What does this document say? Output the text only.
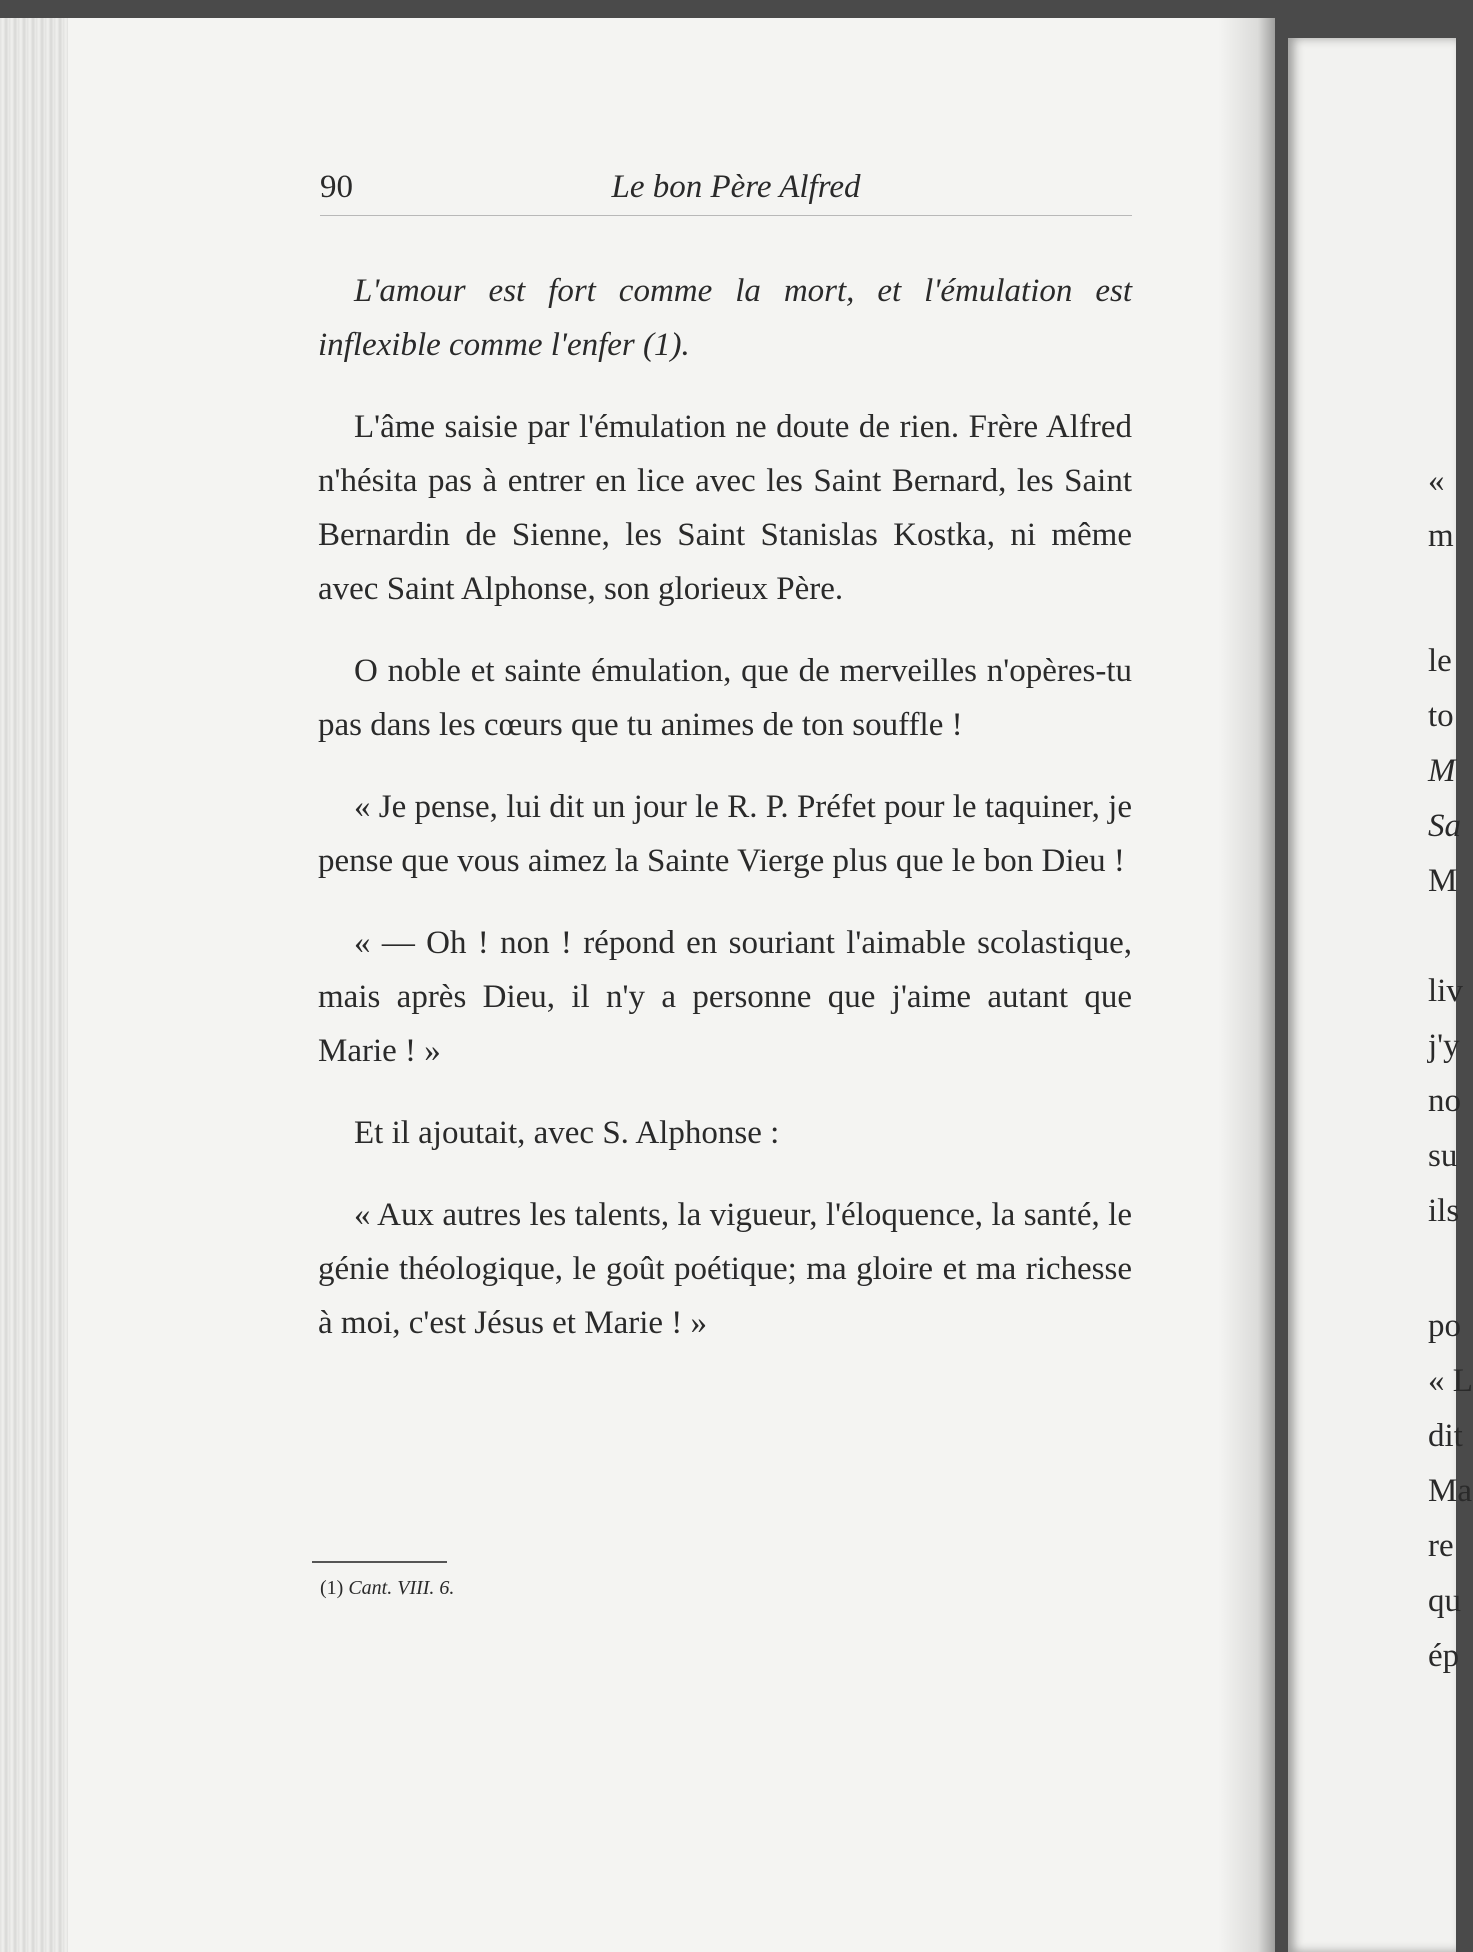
90	Le bon Père Alfred

L'amour est fort comme la mort, et l'émulation est inflexible comme l'enfer (1).

L'âme saisie par l'émulation ne doute de rien. Frère Alfred n'hésita pas à entrer en lice avec les Saint Bernard, les Saint Bernardin de Sienne, les Saint Stanislas Kostka, ni même avec Saint Alphonse, son glorieux Père.

O noble et sainte émulation, que de merveilles n'opères-tu pas dans les cœurs que tu animes de ton souffle !

« Je pense, lui dit un jour le R. P. Préfet pour le taquiner, je pense que vous aimez la Sainte Vierge plus que le bon Dieu !

« — Oh ! non ! répond en souriant l'aimable scolastique, mais après Dieu, il n'y a personne que j'aime autant que Marie ! »

Et il ajoutait, avec S. Alphonse :

« Aux autres les talents, la vigueur, l'éloquence, la santé, le génie théologique, le goût poétique; ma gloire et ma richesse à moi, c'est Jésus et Marie ! »

(1) Cant. VIII. 6.
«
m
le
to
M
Sa
M
liv
j'y
no
su
ils
po
« L
dit
Ma
re
qu
ép
